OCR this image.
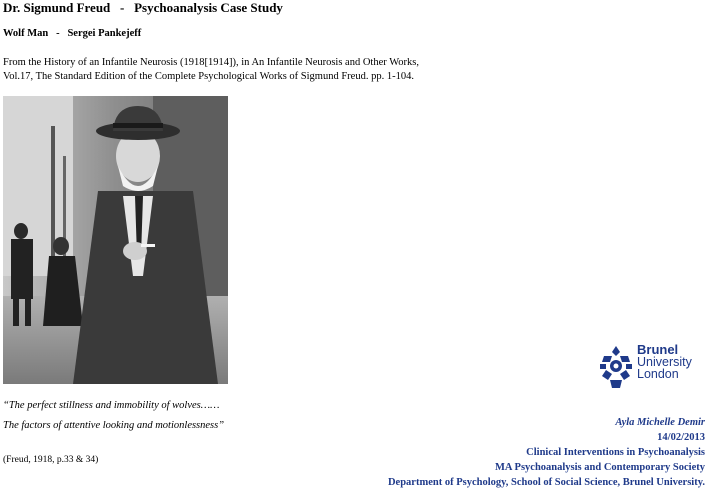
Dr. Sigmund Freud   -   Psychoanalysis Case Study
Wolf Man   -   Sergei Pankejeff
From the History of an Infantile Neurosis (1918[1914]), in An Infantile Neurosis and Other Works,
Vol.17, The Standard Edition of the Complete Psychological Works of Sigmund Freud. pp. 1-104.
“The perfect stillness and immobility of wolves……
The factors of attentive looking and motionlessness”
(Freud, 1918, p.33 & 34)
Brunel
University
London
Ayla Michelle Demir
14/02/2013
Clinical Interventions in Psychoanalysis
MA Psychoanalysis and Contemporary Society
Department of Psychology, School of Social Science, Brunel University.
